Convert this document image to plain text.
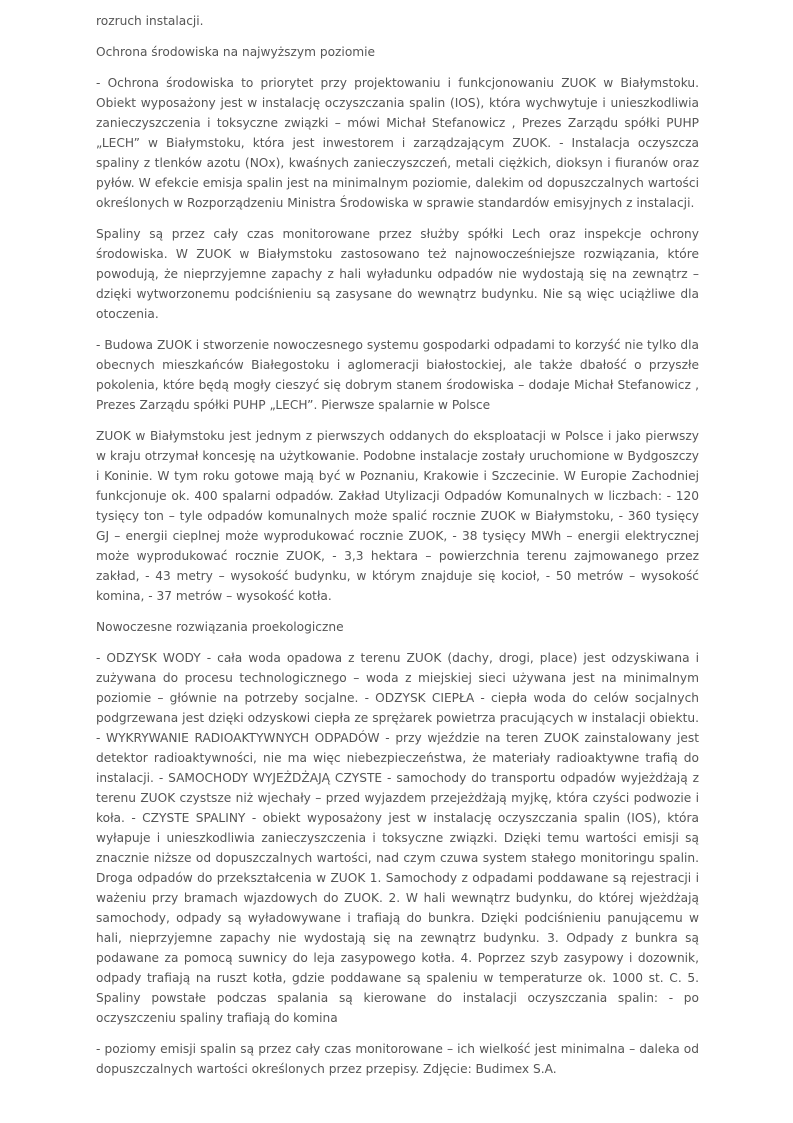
rozruch instalacji.

Ochrona środowiska na najwyższym poziomie

- Ochrona środowiska to priorytet przy projektowaniu i funkcjonowaniu ZUOK w Białymstoku. Obiekt wyposażony jest w instalację oczyszczania spalin (IOS), która wychwytuje i unieszkodliwia zanieczyszczenia i toksyczne związki – mówi Michał Stefanowicz , Prezes Zarządu spółki PUHP „LECH” w Białymstoku, która jest inwestorem i zarządzającym ZUOK. - Instalacja oczyszcza spaliny z tlenków azotu (NOx), kwaśnych zanieczyszczeń, metali ciężkich, dioksyn i fiuranów oraz pyłów. W efekcie emisja spalin jest na minimalnym poziomie, dalekim od dopuszczalnych wartości określonych w Rozporządzeniu Ministra Środowiska w sprawie standardów emisyjnych z instalacji.

Spaliny są przez cały czas monitorowane przez służby spółki Lech oraz inspekcje ochrony środowiska. W ZUOK w Białymstoku zastosowano też najnowocześniejsze rozwiązania, które powodują, że nieprzyjemne zapachy z hali wyładunku odpadów nie wydostają się na zewnątrz – dzięki wytworzonemu podciśnieniu są zasysane do wewnątrz budynku. Nie są więc uciążliwe dla otoczenia.

- Budowa ZUOK i stworzenie nowoczesnego systemu gospodarki odpadami to korzyść nie tylko dla obecnych mieszkańców Białegostoku i aglomeracji białostockiej, ale także dbałość o przyszłe pokolenia, które będą mogły cieszyć się dobrym stanem środowiska – dodaje Michał Stefanowicz , Prezes Zarządu spółki PUHP „LECH”. Pierwsze spalarnie w Polsce

ZUOK w Białymstoku jest jednym z pierwszych oddanych do eksploatacji w Polsce i jako pierwszy w kraju otrzymał koncesję na użytkowanie. Podobne instalacje zostały uruchomione w Bydgoszczy i Koninie. W tym roku gotowe mają być w Poznaniu, Krakowie i Szczecinie. W Europie Zachodniej funkcjonuje ok. 400 spalarni odpadów. Zakład Utylizacji Odpadów Komunalnych w liczbach: - 120 tysięcy ton – tyle odpadów komunalnych może spalić rocznie ZUOK w Białymstoku, - 360 tysięcy GJ – energii cieplnej może wyprodukować rocznie ZUOK, - 38 tysięcy MWh – energii elektrycznej może wyprodukować rocznie ZUOK, - 3,3 hektara – powierzchnia terenu zajmowanego przez zakład, - 43 metry – wysokość budynku, w którym znajduje się kocioł, - 50 metrów – wysokość komina, - 37 metrów – wysokość kotła.

Nowoczesne rozwiązania proekologiczne

- ODZYSK WODY - cała woda opadowa z terenu ZUOK (dachy, drogi, place) jest odzyskiwana i zużywana do procesu technologicznego – woda z miejskiej sieci używana jest na minimalnym poziomie – głównie na potrzeby socjalne. - ODZYSK CIEPŁA - ciepła woda do celów socjalnych podgrzewana jest dzięki odzyskowi ciepła ze sprężarek powietrza pracujących w instalacji obiektu. - WYKRYWANIE RADIOAKTYWNYCH ODPADÓW - przy wjeździe na teren ZUOK zainstalowany jest detektor radioaktywności, nie ma więc niebezpieczeństwa, że materiały radioaktywne trafią do instalacji. - SAMOCHODY WYJEŻDŻAJĄ CZYSTE - samochody do transportu odpadów wyjeżdżają z terenu ZUOK czystsze niż wjechały – przed wyjazdem przejeżdżają myjkę, która czyści podwozie i koła. - CZYSTE SPALINY - obiekt wyposażony jest w instalację oczyszczania spalin (IOS), która wyłapuje i unieszkodliwia zanieczyszczenia i toksyczne związki. Dzięki temu wartości emisji są znacznie niższe od dopuszczalnych wartości, nad czym czuwa system stałego monitoringu spalin. Droga odpadów do przekształcenia w ZUOK 1. Samochody z odpadami poddawane są rejestracji i ważeniu przy bramach wjazdowych do ZUOK. 2. W hali wewnątrz budynku, do której wjeżdżają samochody, odpady są wyładowywane i trafiają do bunkra. Dzięki podciśnieniu panującemu w hali, nieprzyjemne zapachy nie wydostają się na zewnątrz budynku. 3. Odpady z bunkra są podawane za pomocą suwnicy do leja zasypowego kotła. 4. Poprzez szyb zasypowy i dozownik, odpady trafiają na ruszt kotła, gdzie poddawane są spaleniu w temperaturze ok. 1000 st. C. 5. Spaliny powstałe podczas spalania są kierowane do instalacji oczyszczania spalin: - po oczyszczeniu spaliny trafiają do komina

- poziomy emisji spalin są przez cały czas monitorowane – ich wielkość jest minimalna – daleka od dopuszczalnych wartości określonych przez przepisy. Zdjęcie: Budimex S.A.
